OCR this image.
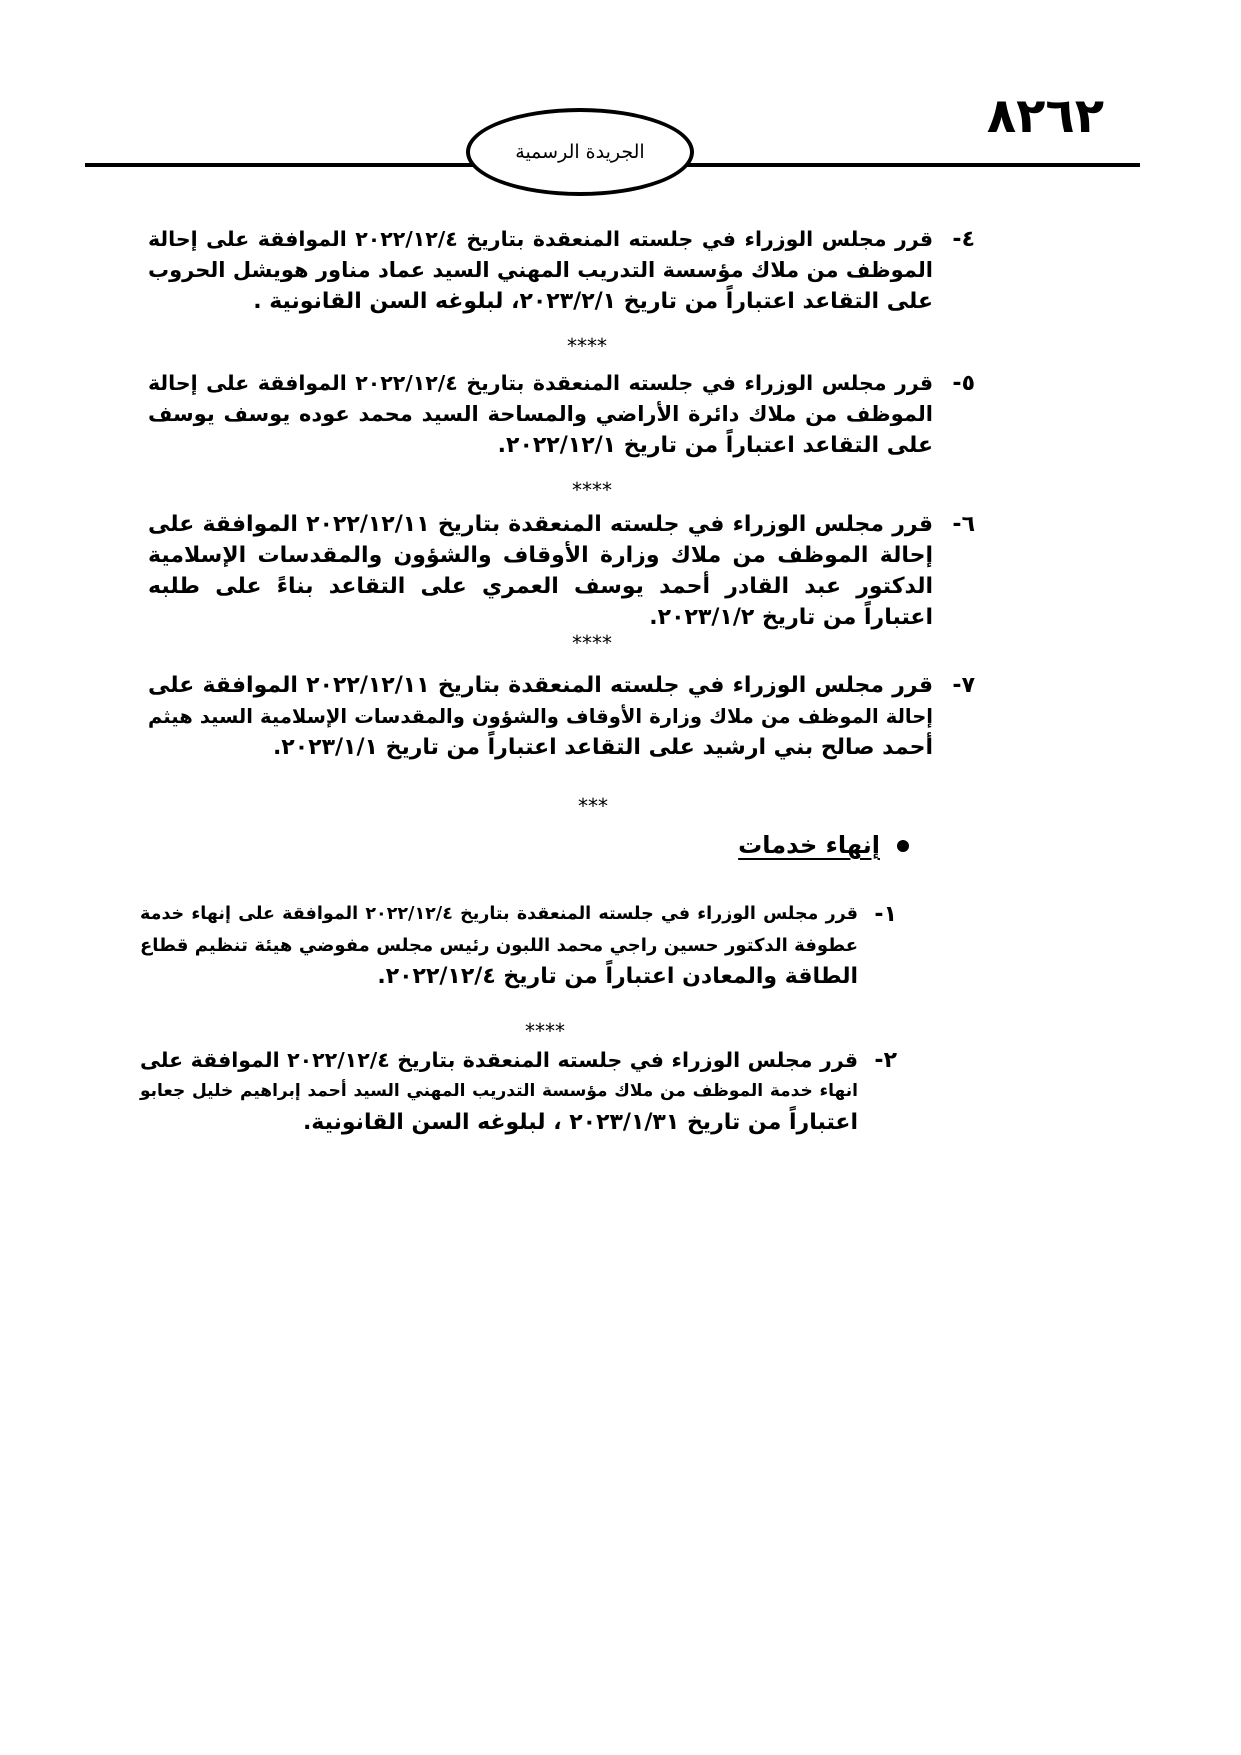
٨٢٦٢
الجريدة الرسمية
٤-
قرر مجلس الوزراء في جلسته المنعقدة بتاريخ ٢٠٢٢/١٢/٤ الموافقة على إحالة
الموظف من ملاك مؤسسة التدريب المهني السيد عماد مناور هويشل الحروب
على التقاعد اعتباراً من تاريخ ٢٠٢٣/٢/١، لبلوغه السن القانونية .
****
٥-
قرر مجلس الوزراء في جلسته المنعقدة بتاريخ ٢٠٢٢/١٢/٤ الموافقة على إحالة
الموظف من ملاك دائرة الأراضي والمساحة السيد محمد عوده يوسف يوسف
على التقاعد اعتباراً من تاريخ ٢٠٢٢/١٢/١.
****
٦-
قرر مجلس الوزراء في جلسته المنعقدة بتاريخ ٢٠٢٢/١٢/١١ الموافقة على
إحالة الموظف من ملاك وزارة الأوقاف والشؤون والمقدسات الإسلامية
الدكتور عبد القادر أحمد يوسف العمري على التقاعد بناءً على طلبه
اعتباراً من تاريخ ٢٠٢٣/١/٢.
****
٧-
قرر مجلس الوزراء في جلسته المنعقدة بتاريخ ٢٠٢٢/١٢/١١ الموافقة على
إحالة الموظف من ملاك وزارة الأوقاف والشؤون والمقدسات الإسلامية السيد هيثم
أحمد صالح بني ارشيد على التقاعد اعتباراً من تاريخ ٢٠٢٣/١/١.
***
إنهاء خدمات
١-
قرر مجلس الوزراء في جلسته المنعقدة بتاريخ ٢٠٢٢/١٢/٤ الموافقة على إنهاء خدمة
عطوفة الدكتور حسين راجي محمد اللبون رئيس مجلس مفوضي هيئة تنظيم قطاع
الطاقة والمعادن اعتباراً من تاريخ ٢٠٢٢/١٢/٤.
****
٢-
قرر مجلس الوزراء في جلسته المنعقدة بتاريخ ٢٠٢٢/١٢/٤ الموافقة على
انهاء خدمة الموظف من ملاك مؤسسة التدريب المهني السيد أحمد إبراهيم خليل جعابو
اعتباراً من تاريخ ٢٠٢٣/١/٣١ ، لبلوغه السن القانونية.
